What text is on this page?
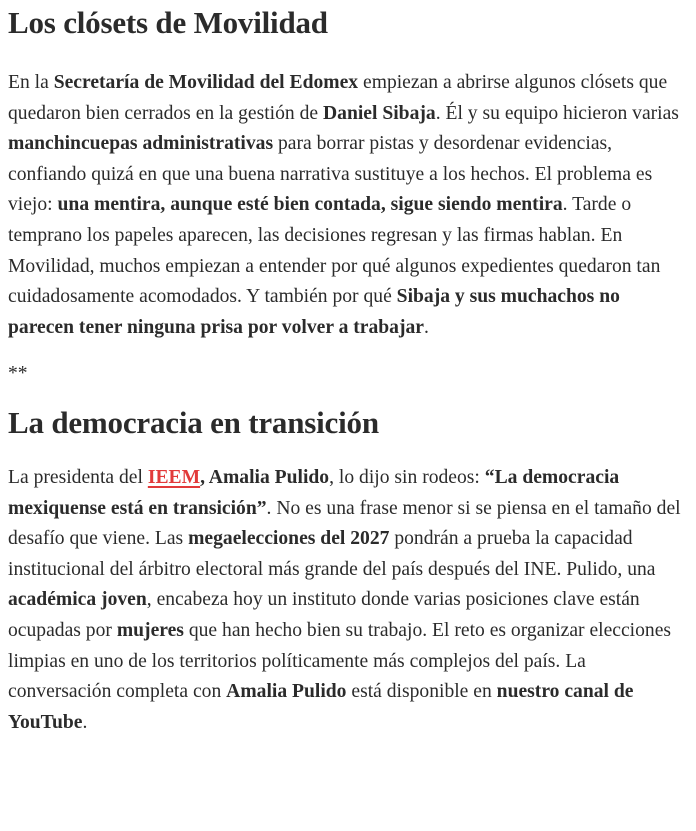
Los clósets de Movilidad

En la Secretaría de Movilidad del Edomex empiezan a abrirse algunos clósets que quedaron bien cerrados en la gestión de Daniel Sibaja. Él y su equipo hicieron varias manchincuepas administrativas para borrar pistas y desordenar evidencias, confiando quizá en que una buena narrativa sustituye a los hechos. El problema es viejo: una mentira, aunque esté bien contada, sigue siendo mentira. Tarde o temprano los papeles aparecen, las decisiones regresan y las firmas hablan. En Movilidad, muchos empiezan a entender por qué algunos expedientes quedaron tan cuidadosamente acomodados. Y también por qué Sibaja y sus muchachos no parecen tener ninguna prisa por volver a trabajar.

**

La democracia en transición

La presidenta del IEEM, Amalia Pulido, lo dijo sin rodeos: “La democracia mexiquense está en transición”. No es una frase menor si se piensa en el tamaño del desafío que viene. Las megaelecciones del 2027 pondrán a prueba la capacidad institucional del árbitro electoral más grande del país después del INE. Pulido, una académica joven, encabeza hoy un instituto donde varias posiciones clave están ocupadas por mujeres que han hecho bien su trabajo. El reto es organizar elecciones limpias en uno de los territorios políticamente más complejos del país. La conversación completa con Amalia Pulido está disponible en nuestro canal de YouTube.
